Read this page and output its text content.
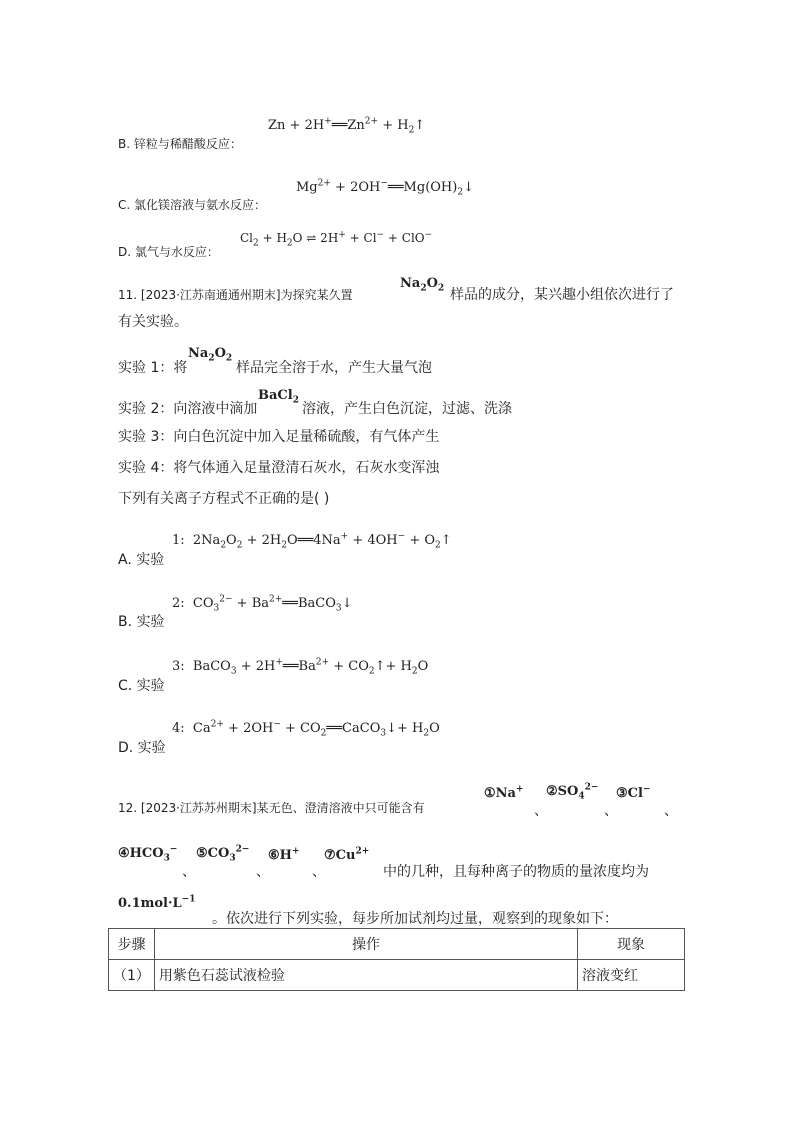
B. 锌粒与稀醋酸反应：
$Zn + 2H^+══Zn^{2+}$ + $H_2↑$
C. 氯化镁溶液与氨水反应：
$Mg^{2+}$ + $2OH^-══Mg(OH)_2↓$
D. 氯气与水反应：
$Cl_2 + H_2O$ ⇌ 2H+ + Cl− + ClO−
11. [2023·江苏南通通州期末]为探究某久置
$Na_2O_2$ 样品的成分，某兴趣小组依次进行了
有关实验。
实验 1：将
$Na_2O_2$
样品完全溶于水，产生大量气泡
实验 2：向溶液中滴加
BaCl$_2$
溶液，产生白色沉淀，过滤、洗涤
实验 3：向白色沉淀中加入足量稀硫酸，有气体产生
实验 4：将气体通入足量澄清石灰水，石灰水变浑浊
下列有关离子方程式不正确的是( )
A. 实验
1:  $2Na_2O_2$ + $2H_2O══4Na^+ + 4OH^-$ + $O_2↑$
B. 实验
2:  $CO_3^{2-}$ + $Ba^{2+}══BaCO_3↓$
C. 实验
3:  BaCO$_3$ + $2H^+══Ba^{2+}$ + $CO_2↑+ H_2O$
D. 实验
4:  $Ca^{2+} + 2OH^-$ + $CO_2══CaCO_3↓+ H_2O$
12. [2023·江苏苏州期末]某无色、澄清溶液中只可能含有
①Na+
、
$②SO_4^{2-}$
、
③Cl−
、
$④HCO_3^-$
、
$⑤CO_3^{2-}$
、
⑥H+
、
$⑦Cu^{2+}$
中的几种，且每种离子的物质的量浓度均为
$0.1mol\cdot L^{-1}$
。依次进行下列实验，每步所加试剂均过量，观察到的现象如下：
步骤	操作	现象
（1）	用紫色石蕊试液检验	溶液变红
